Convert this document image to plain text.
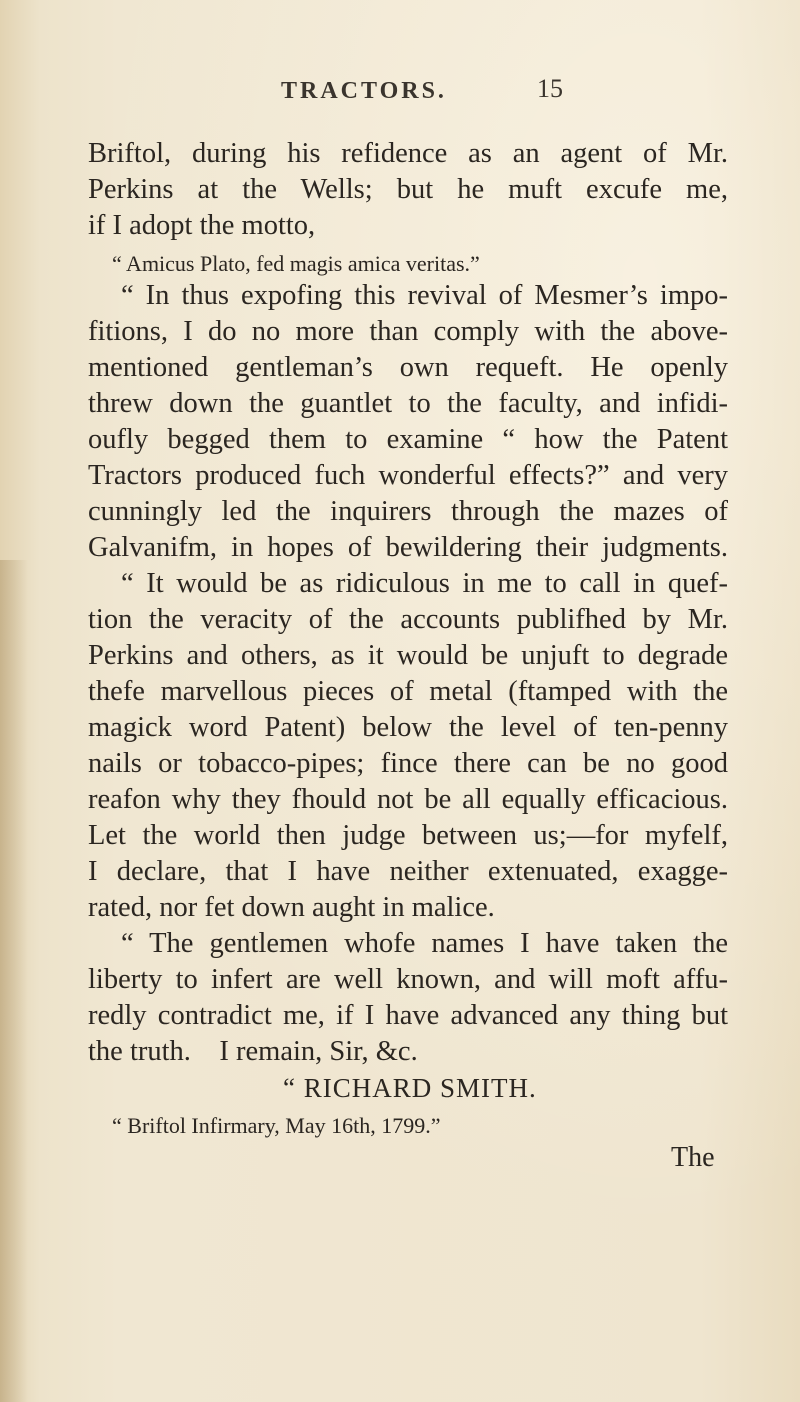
TRACTORS.	15
Briftol, during his refidence as an agent of Mr.
Perkins at the Wells; but he muft excufe me,
if I adopt the motto,
“ Amicus Plato, fed magis amica veritas.”
“ In thus expofing this revival of Mesmer’s impo-
fitions, I do no more than comply with the above-
mentioned gentleman’s own requeft. He openly
threw down the guantlet to the faculty, and infidi-
oufly begged them to examine “ how the Patent
Tractors produced fuch wonderful effects?” and very
cunningly led the inquirers through the mazes of
Galvanifm, in hopes of bewildering their judgments.
“ It would be as ridiculous in me to call in quef-
tion the veracity of the accounts publifhed by Mr.
Perkins and others, as it would be unjuft to degrade
thefe marvellous pieces of metal (ftamped with the
magick word Patent) below the level of ten-penny
nails or tobacco-pipes; fince there can be no good
reafon why they fhould not be all equally efficacious.
Let the world then judge between us;—for myfelf,
I declare, that I have neither extenuated, exagge-
rated, nor fet down aught in malice.
“ The gentlemen whofe names I have taken the
liberty to infert are well known, and will moft affu-
redly contradict me, if I have advanced any thing but
the truth.    I remain, Sir, &c.
“ RICHARD SMITH.
“ Briftol Infirmary, May 16th, 1799.”
The
